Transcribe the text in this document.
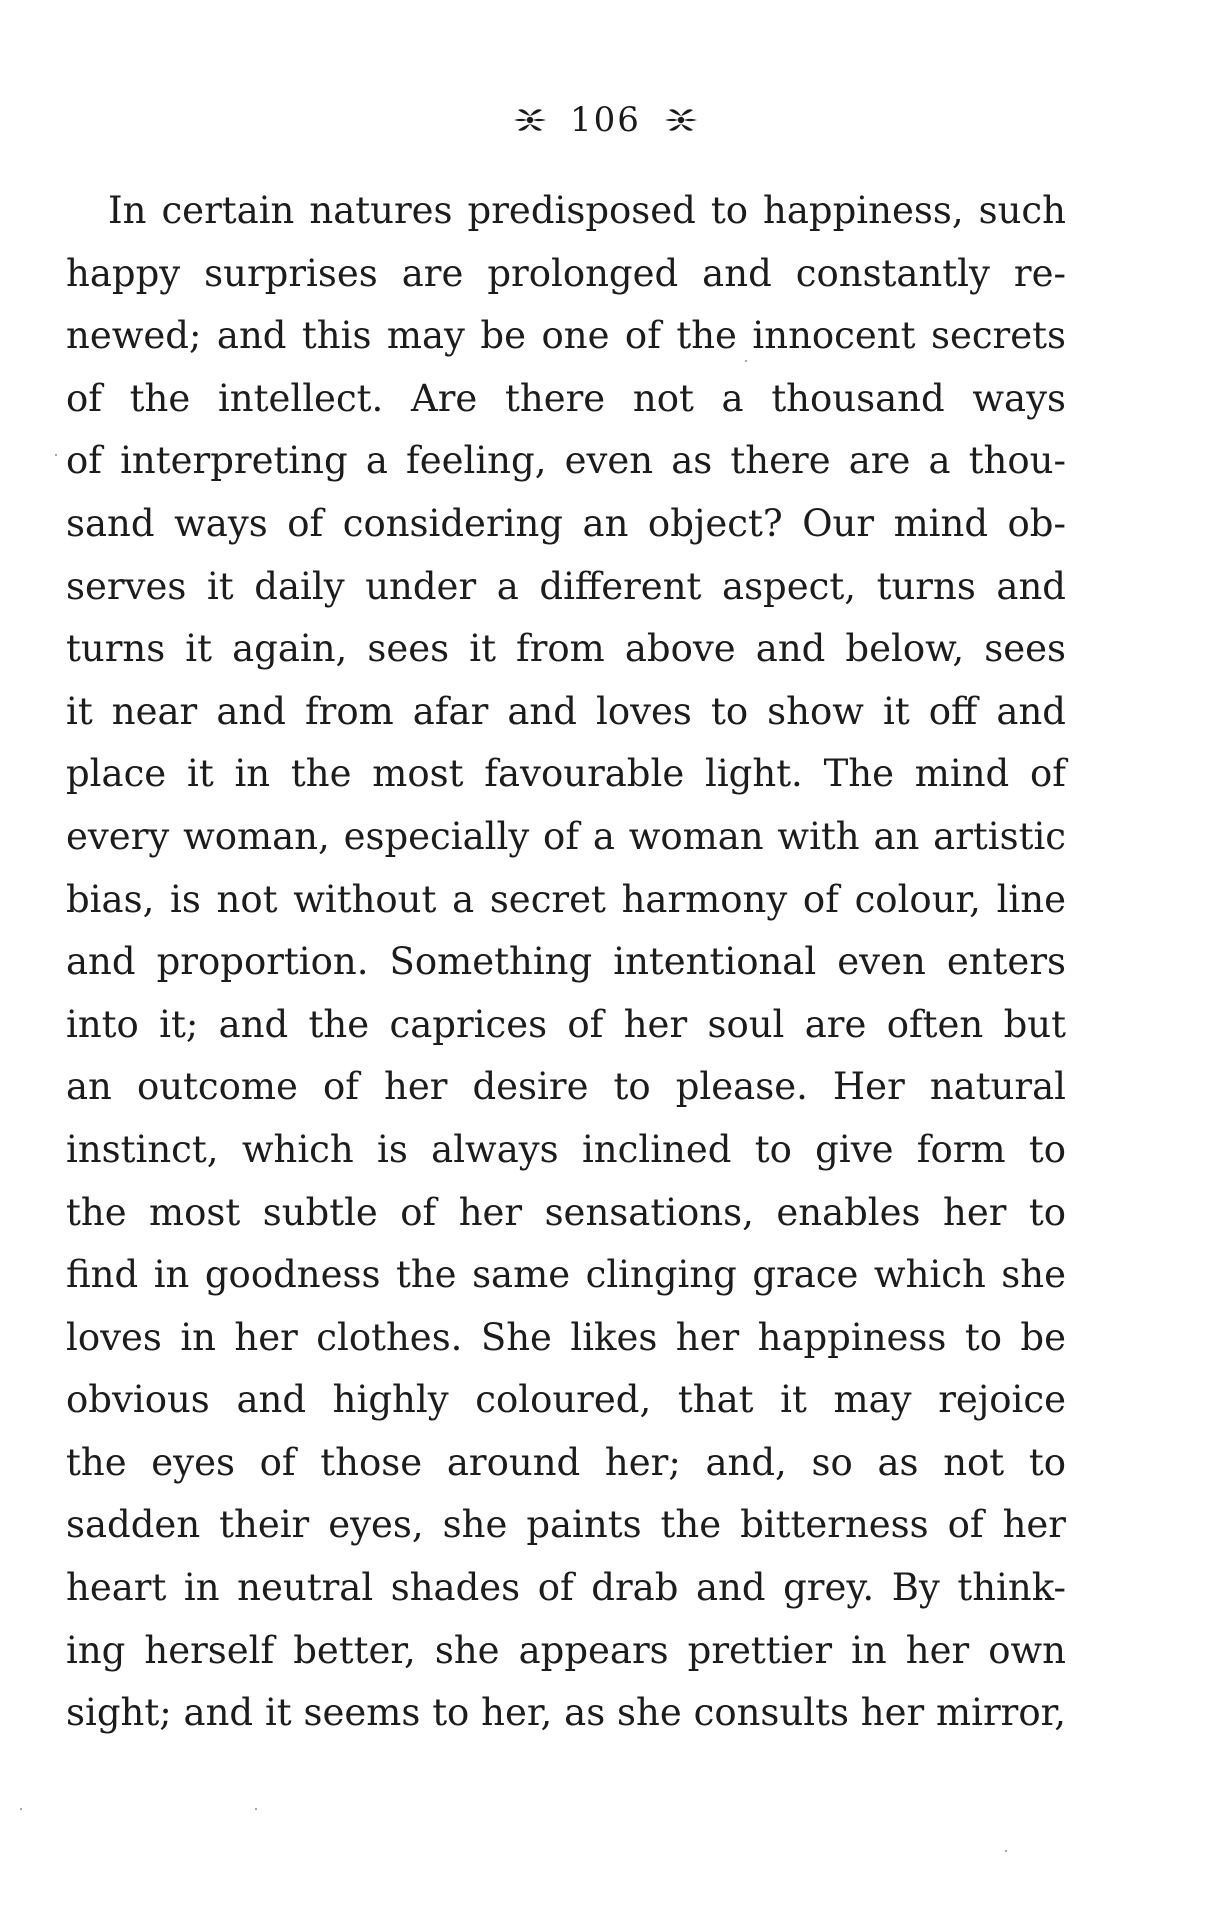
106
In certain natures predisposed to happiness, such
happy surprises are prolonged and constantly re-
newed; and this may be one of the innocent secrets
of the intellect. Are there not a thousand ways
of interpreting a feeling, even as there are a thou-
sand ways of considering an object? Our mind ob-
serves it daily under a different aspect, turns and
turns it again, sees it from above and below, sees
it near and from afar and loves to show it off and
place it in the most favourable light. The mind of
every woman, especially of a woman with an artistic
bias, is not without a secret harmony of colour, line
and proportion. Something intentional even enters
into it; and the caprices of her soul are often but
an outcome of her desire to please. Her natural
instinct, which is always inclined to give form to
the most subtle of her sensations, enables her to
find in goodness the same clinging grace which she
loves in her clothes. She likes her happiness to be
obvious and highly coloured, that it may rejoice
the eyes of those around her; and, so as not to
sadden their eyes, she paints the bitterness of her
heart in neutral shades of drab and grey. By think-
ing herself better, she appears prettier in her own
sight; and it seems to her, as she consults her mirror,
